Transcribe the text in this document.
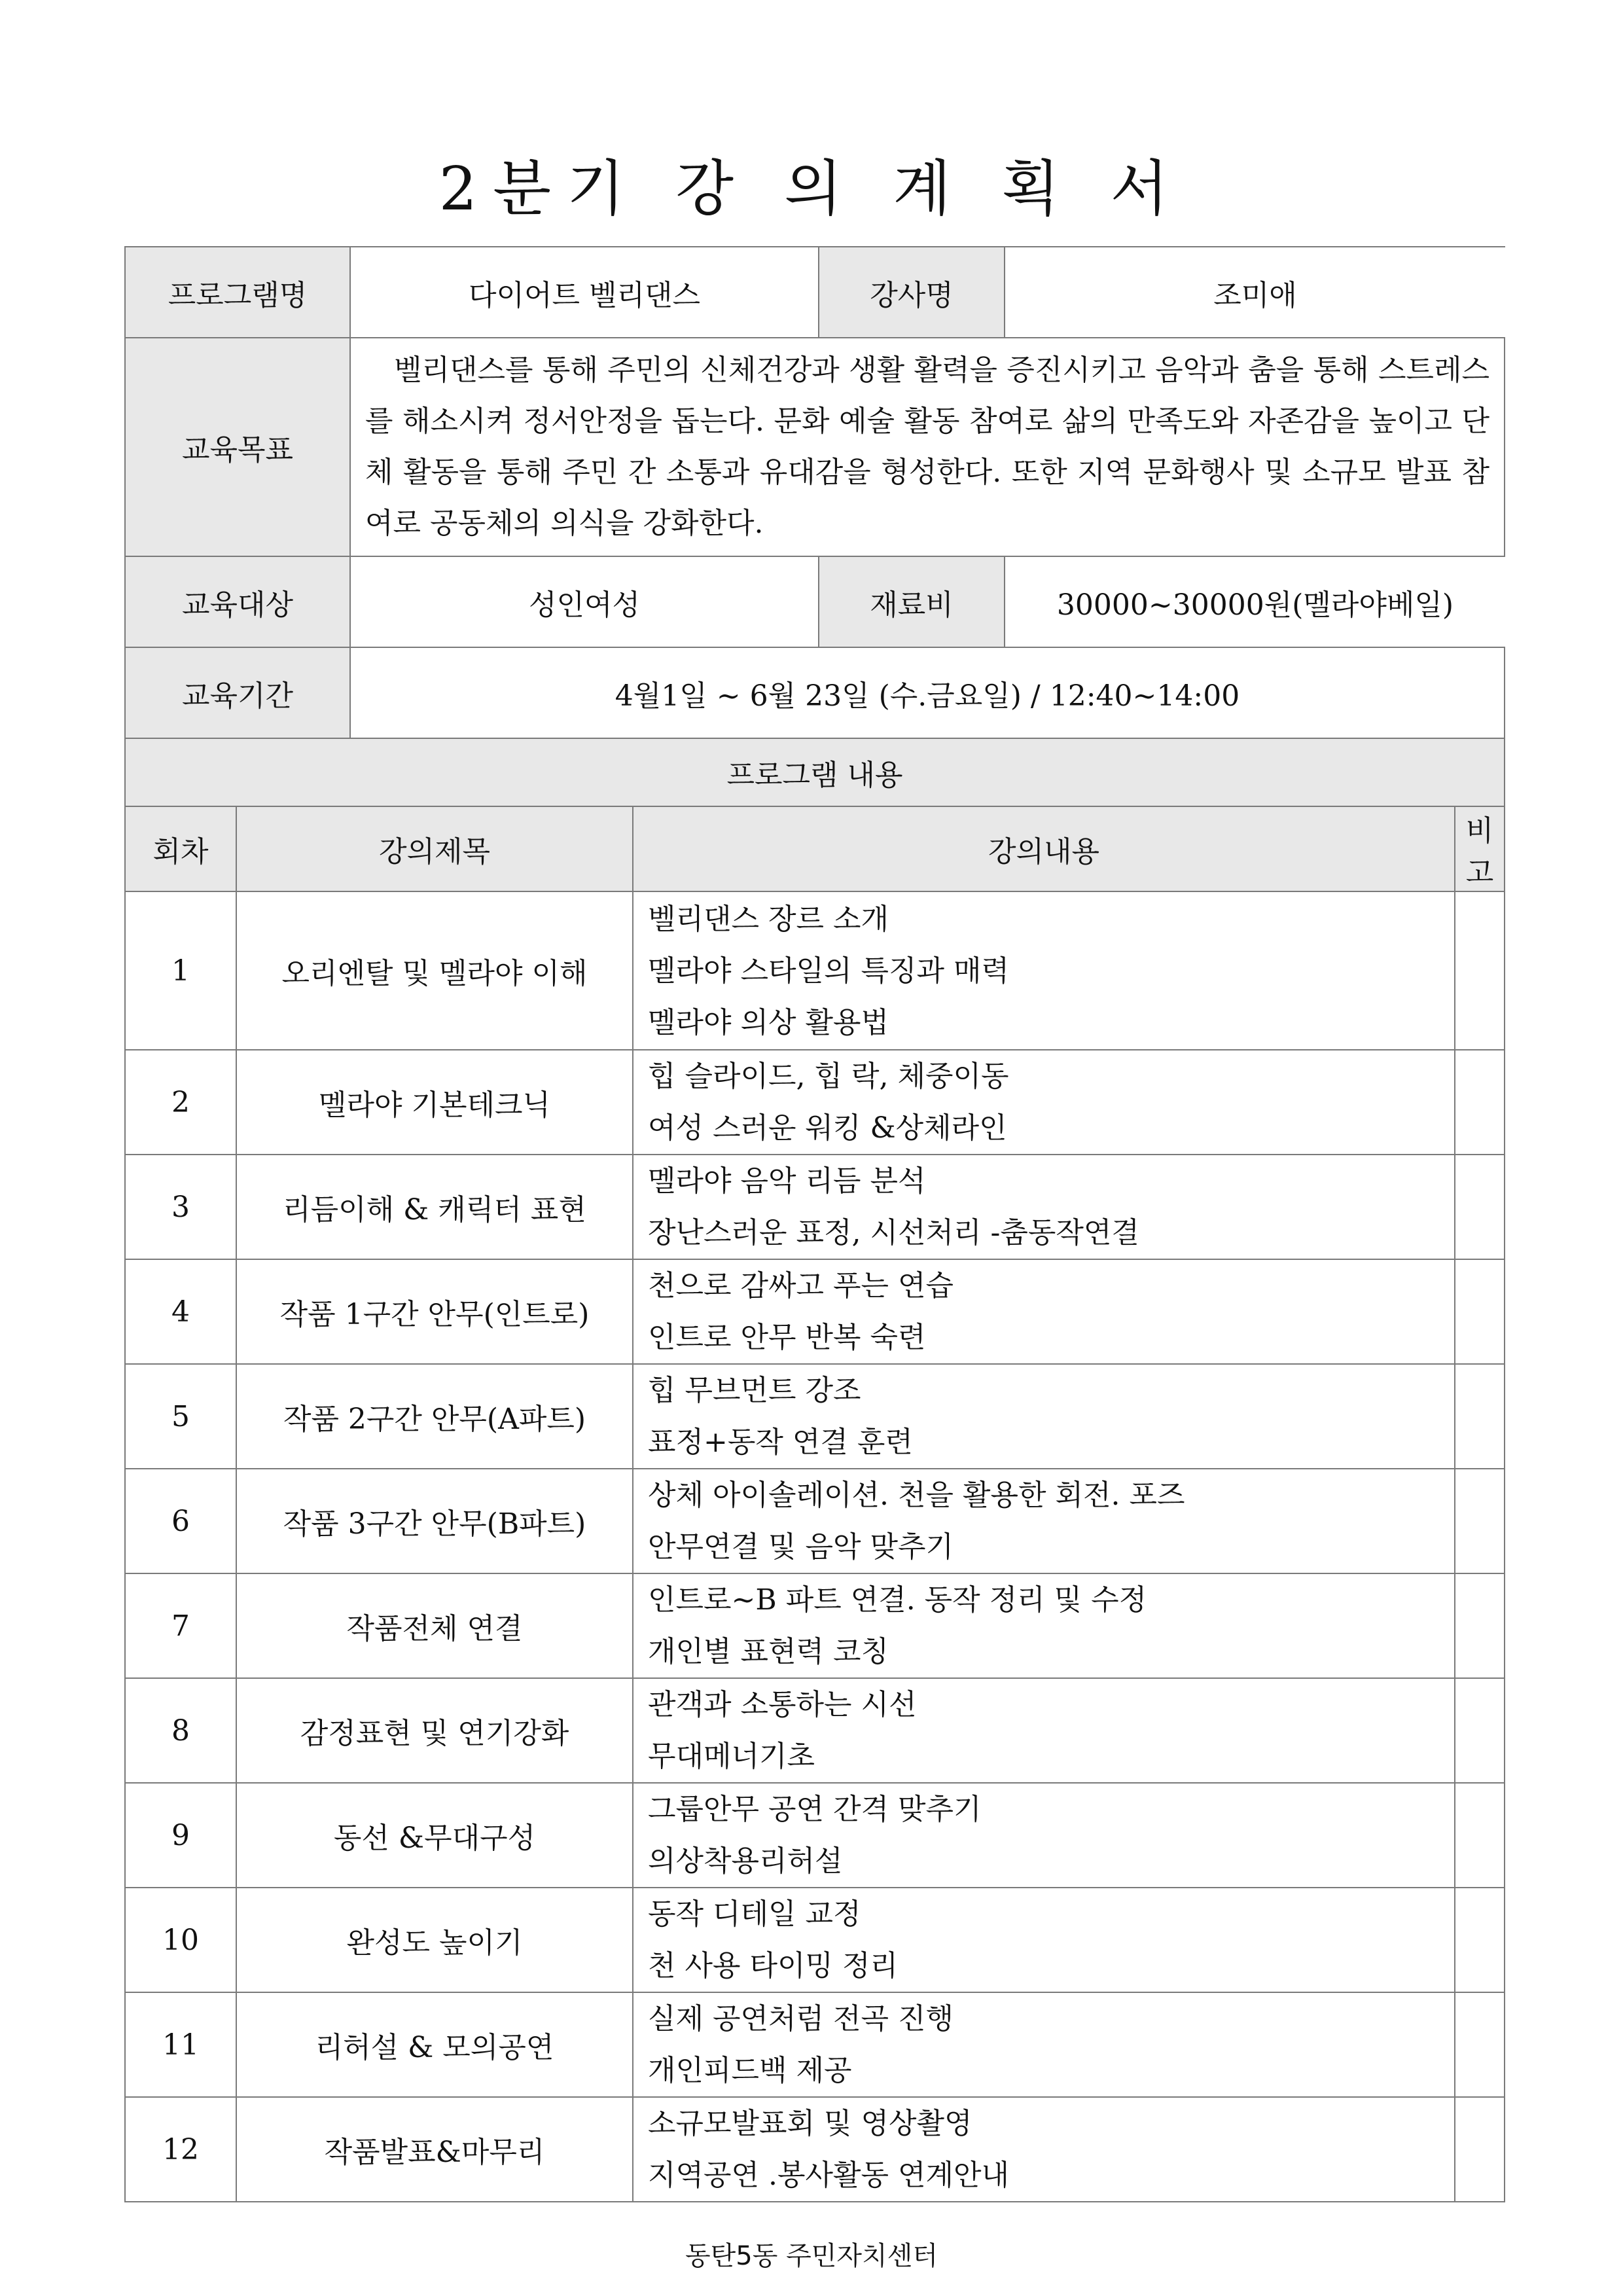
2분기 강 의 계 획 서
프로그램명		다이어트 벨리댄스		강사명 조미애	

교육목표		벨리댄스를 통해 주민의 신체건강과 생활 활력을 증진시키고 음악과 춤을 통해 스트레스를 해소시켜 정서안정을 돕는다. 문화 예술 활동 참여로 삶의 만족도와 자존감을 높이고 단체 활동을 통해 주민 간 소통과 유대감을 형성한다. 또한 지역 문화행사 및 소규모 발표 참여로 공동체의 의식을 강화한다.			

교육대상		성인여성		재료비 30000~30000원(멜라야베일)	

교육기간		4월1일 ~ 6월 23일 (수.금요일) / 12:40~14:00			
프로그램 내용					
회차	강의제목		강의내용		비고
1	오리엔탈 및 멜라야 이해		벨리댄스 장르 소개
멜라야 스타일의 특징과 매력
멜라야 의상 활용법		

2	멜라야 기본테크닉		힙 슬라이드, 힙 락, 체중이동
여성 스러운 워킹 &상체라인		

3	리듬이해 & 캐릭터 표현		멜라야 음악 리듬 분석
장난스러운 표정, 시선처리 -춤동작연결		

4	작품 1구간 안무(인트로)		천으로 감싸고 푸는 연습
인트로 안무 반복 숙련		

5	작품 2구간 안무(A파트)		힙 무브먼트 강조
표정+동작 연결 훈련		

6	작품 3구간 안무(B파트)		상체 아이솔레이션. 천을 활용한 회전. 포즈
안무연결 및 음악 맞추기		

7	작품전체 연결		인트로~B 파트 연결. 동작 정리 및 수정
개인별 표현력 코칭		

8	감정표현 및 연기강화		관객과 소통하는 시선
무대메너기초		

9	동선 &무대구성		그룹안무 공연 간격 맞추기
의상착용리허설		

10	완성도 높이기		동작 디테일 교정
천 사용 타이밍 정리		

11	리허설 & 모의공연		실제 공연처럼 전곡 진행
개인피드백 제공		

12	작품발표&마무리		소규모발표회 및 영상촬영
지역공연 .봉사활동 연계안내		

동탄5동 주민자치센터
